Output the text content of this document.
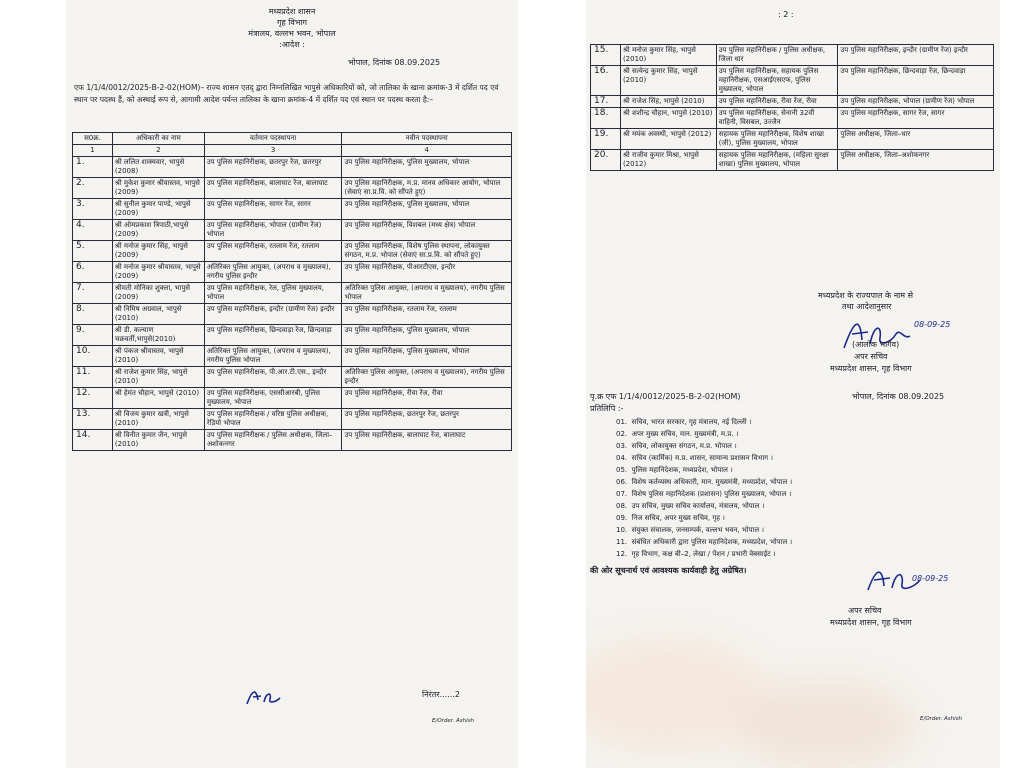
मध्यप्रदेश शासन
गृह विभाग
मंत्रालय, वल्लभ भवन, भोपाल
:आदेश :
भोपाल, दिनांक 08.09.2025
एफ 1/1/4/0012/2025-B-2-02(HOM)– राज्य शासन एतद् द्वारा निम्नलिखित भापुसे अधिकारियों को, जो तालिका के खाना क्रमांक-3 में दर्शित पद एवं स्थान पर पदस्थ हैं, को अस्थाई रूप से, आगामी आदेश पर्यन्त तालिका के खाना क्रमांक-4 में दर्शित पद एवं स्थान पर पदस्थ करता है:–
स0क्र.	अधिकारी का नाम	वर्तमान पदस्थापना	नवीन पदस्थापना
1	2	3	4
1.	श्री ललित शाक्यवार, भापुसे (2008)	उप पुलिस महानिरीक्षक, छतरपुर रेंज, छतरपुर	उप पुलिस महानिरीक्षक, पुलिस मुख्यालय, भोपाल
2.	श्री मुकेश कुमार श्रीवास्तव, भापुसे (2009)	उप पुलिस महानिरीक्षक, बालाघाट रेंज, बालाघाट	उप पुलिस महानिरीक्षक, म.प्र. मानव अधिकार आयोग, भोपाल (सेवाएं सा.प्र.वि. को सौंपते हुए)
3.	श्री सुनील कुमार पाण्डे, भापुसे (2009)	उप पुलिस महानिरीक्षक, सागर रेंज, सागर	उप पुलिस महानिरीक्षक, पुलिस मुख्यालय, भोपाल
4.	श्री ओमप्रकाश त्रिपाठी,भापुसे (2009)	उप पुलिस महानिरीक्षक, भोपाल (ग्रामीण रेंज) भोपाल	उप पुलिस महानिरीक्षक, विशबल (मध्य क्षेत्र) भोपाल
5.	श्री मनोज कुमार सिंह, भापुसे (2009)	उप पुलिस महानिरीक्षक, रतलाम रेंज, रतलाम	उप पुलिस महानिरीक्षक, विशेष पुलिस स्थापना, लोकायुक्त संगठन, म.प्र. भोपाल (सेवाएं सा.प्र.वि. को सौंपते हुए)
6.	श्री मनोज कुमार श्रीवास्तव, भापुसे (2009)	अतिरिक्त पुलिस आयुक्त, (अपराध व मुख्यालय), नगरीय पुलिस इन्दौर	उप पुलिस महानिरीक्षक, पीआरटीएस, इन्दौर
7.	श्रीमती मोनिका शुक्ला, भापुसे (2009)	उप पुलिस महानिरीक्षक, रेल, पुलिस मुख्यालय, भोपाल	अतिरिक्त पुलिस आयुक्त, (अपराध व मुख्यालय), नगरीय पुलिस भोपाल
8.	श्री निमिष अग्रवाल, भापुसे (2010)	उप पुलिस महानिरीक्षक, इन्दौर (ग्रामीण रेंज) इन्दौर	उप पुलिस महानिरीक्षक, रतलाम रेंज, रतलाम
9.	श्री डी. कल्याण चक्रवर्ती,भापुसे(2010)	उप पुलिस महानिरीक्षक, छिन्दवाड़ा रेंज, छिन्दवाड़ा	उप पुलिस महानिरीक्षक, पुलिस मुख्यालय, भोपाल
10.	श्री पंकज श्रीवास्तव, भापुसे (2010)	अतिरिक्त पुलिस आयुक्त, (अपराध व मुख्यालय), नगरीय पुलिस भोपाल	उप पुलिस महानिरीक्षक, पुलिस मुख्यालय, भोपाल
11.	श्री राजेश कुमार सिंह, भापुसे (2010)	उप पुलिस महानिरीक्षक, पी.आर.टी.एस., इन्दौर	अतिरिक्त पुलिस आयुक्त, (अपराध व मुख्यालय), नगरीय पुलिस इन्दौर
12.	श्री हेमंत चौहान, भापुसे (2010)	उप पुलिस महानिरीक्षक, एससीआरबी, पुलिस मुख्यालय, भोपाल	उप पुलिस महानिरीक्षक, रीवा रेंज, रीवा
13.	श्री विजय कुमार खत्री, भापुसे (2010)	उप पुलिस महानिरीक्षक / वरिष्ठ पुलिस अधीक्षक, रेडियो भोपाल	उप पुलिस महानिरीक्षक, छतरपुर रेंज, छतरपुर
14.	श्री विनीत कुमार जैन, भापुसे (2010)	उप पुलिस महानिरीक्षक / पुलिस अधीक्षक, जिला–अशोकनगर	उप पुलिस महानिरीक्षक, बालाघाट रेंज, बालाघाट
निरंतर......2
E/Order. Ashish
: 2 :
15.	श्री मनोज कुमार सिंह, भापुसे (2010)	उप पुलिस महानिरीक्षक / पुलिस अधीक्षक, जिला धार	उप पुलिस महानिरीक्षक, इन्दौर (ग्रामीण रेंज) इन्दौर
16.	श्री सत्येन्द्र कुमार सिंह, भापुसे (2010)	उप पुलिस महानिरीक्षक, सहायक पुलिस महानिरीक्षक, एसआईएसएफ, पुलिस मुख्यालय, भोपाल	उप पुलिस महानिरीक्षक, छिन्दवाड़ा रेंज, छिन्दवाड़ा
17.	श्री राजेश सिंह, भापुसे (2010)	उप पुलिस महानिरीक्षक, रीवा रेंज, रीवा	उप पुलिस महानिरीक्षक, भोपाल (ग्रामीण रेंज) भोपाल
18.	श्री शशीन्द्र चौहान, भापुसे (2010)	उप पुलिस महानिरीक्षक, सेनानी 32वीं वाहिनी, विसबल, उज्जैन	उप पुलिस महानिरीक्षक, सागर रेंज, सागर
19.	श्री मयंक अवस्थी, भापुसे (2012)	सहायक पुलिस महानिरीक्षक, विशेष शाखा (जी), पुलिस मुख्यालय, भोपाल	पुलिस अधीक्षक, जिला–धार
20.	श्री राजीव कुमार मिश्रा, भापुसे (2012)	सहायक पुलिस महानिरीक्षक, (महिला सुरक्षा शाखा) पुलिस मुख्यालय, भोपाल	पुलिस अधीक्षक, जिला–अशोकनगर
मध्यप्रदेश के राज्यपाल के नाम से
तथा आदेशानुसार
08-09-25
(आलोक भार्गव)
अपर सचिव
मध्यप्रदेश शासन, गृह विभाग
पृ.क्र एफ 1/1/4/0012/2025-B-2-02(HOM)	भोपाल, दिनांक 08.09.2025
प्रतिलिपि :-
01. सचिव, भारत सरकार, गृह मंत्रालय, नई दिल्ली ।
02. अपर मुख्य सचिव, मान. मुख्यमंत्री, म.प्र. ।
03. सचिव, लोकायुक्त संगठन, म.प्र. भोपाल ।
04. सचिव (कार्मिक) म.प्र. शासन, सामान्य प्रशासन विभाग ।
05. पुलिस महानिदेशक, मध्यप्रदेश, भोपाल ।
06. विशेष कर्तव्यस्थ अधिकारी, मान. मुख्यमंत्री, मध्यप्रदेश, भोपाल ।
07. विशेष पुलिस महानिदेशक (प्रशासन) पुलिस मुख्यालय, भोपाल ।
08. उप सचिव, मुख्य सचिव कार्यालय, मंत्रालय, भोपाल ।
09. निज सचिव, अपर मुख्य सचिव, गृह ।
10. संयुक्त संचालक, जनसम्पर्क, वल्लभ भवन, भोपाल ।
11. संबंधित अधिकारी द्वारा पुलिस महानिदेशक, मध्यप्रदेश, भोपाल ।
12. गृह विभाग, कक्ष बी–2, लेखा / पेंशन / प्रभारी वेबसाईट ।
की ओर सूचनार्थ एवं आवश्यक कार्यवाही हेतु अग्रेषित।
08-09-25
अपर सचिव
मध्यप्रदेश शासन, गृह विभाग
E/Order. Ashish
